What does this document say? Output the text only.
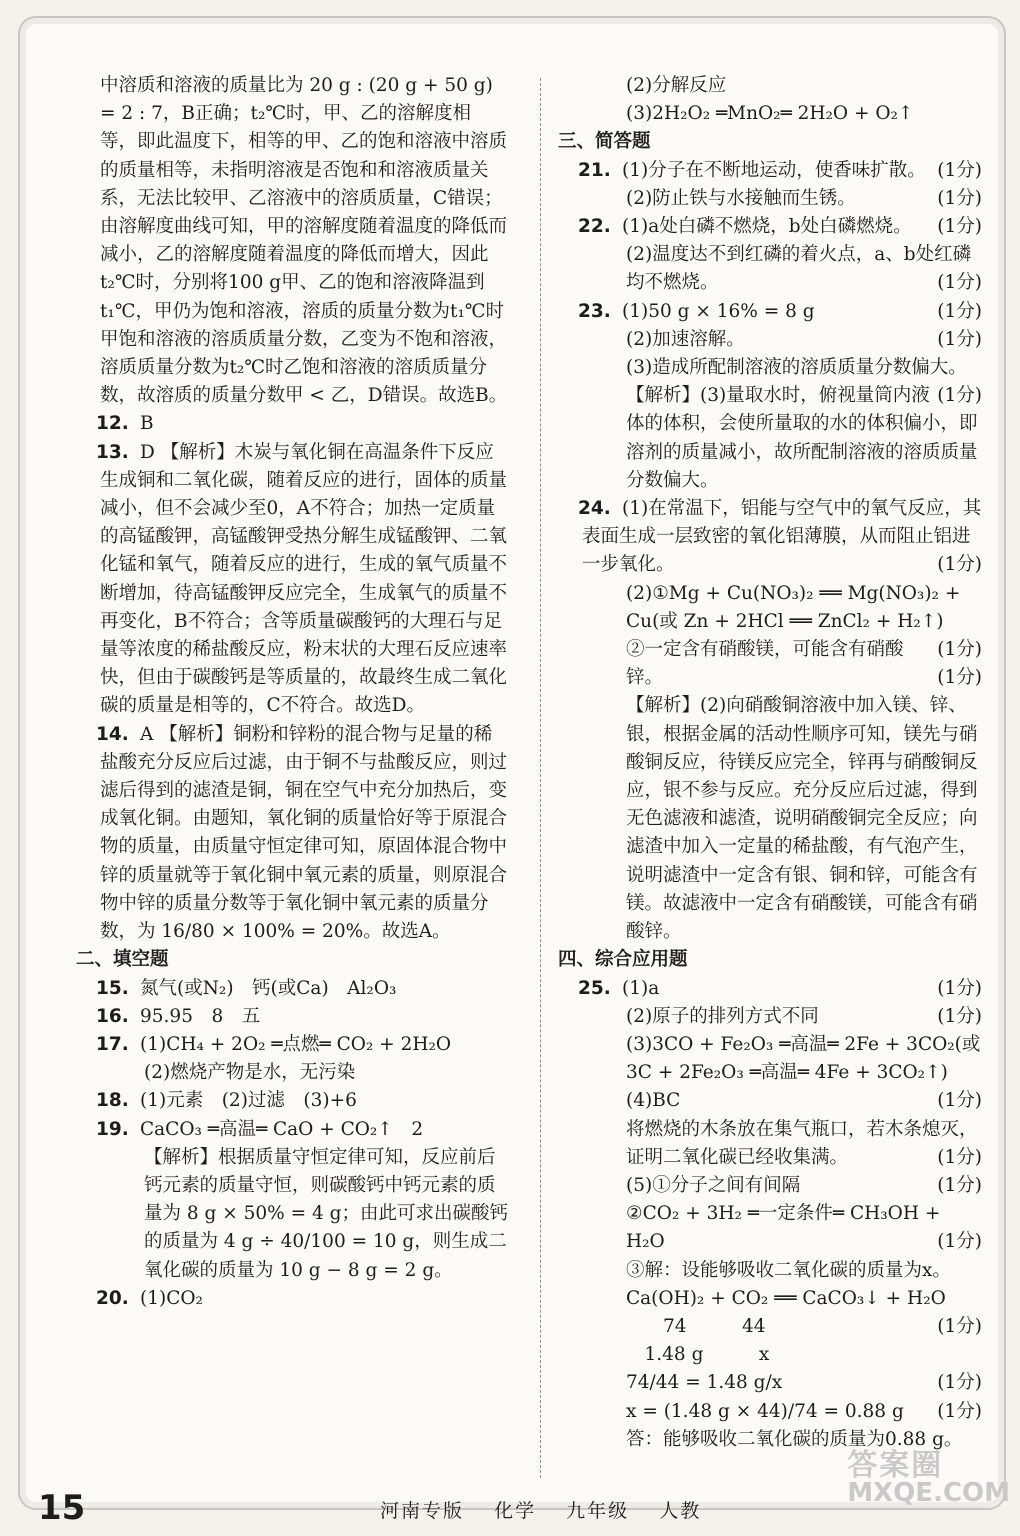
中溶质和溶液的质量比为 20 g : (20 g + 50 g) = 2 : 7，B正确；t₂℃时，甲、乙的溶解度相等，即此温度下，相等的甲、乙的饱和溶液中溶质的质量相等，未指明溶液是否饱和和溶液质量关系，无法比较甲、乙溶液中的溶质质量，C错误；由溶解度曲线可知，甲的溶解度随着温度的降低而减小，乙的溶解度随着温度的降低而增大，因此t₂℃时，分别将100 g甲、乙的饱和溶液降温到t₁℃，甲仍为饱和溶液，溶质的质量分数为t₁℃时甲饱和溶液的溶质质量分数，乙变为不饱和溶液，溶质质量分数为t₂℃时乙饱和溶液的溶质质量分数，故溶质的质量分数甲 < 乙，D错误。故选B。
12. B
13. D 【解析】木炭与氧化铜在高温条件下反应生成铜和二氧化碳，随着反应的进行，固体的质量减小，但不会减少至0，A不符合；加热一定质量的高锰酸钾，高锰酸钾受热分解生成锰酸钾、二氧化锰和氧气，随着反应的进行，生成的氧气质量不断增加，待高锰酸钾反应完全，生成氧气的质量不再变化，B不符合；含等质量碳酸钙的大理石与足量等浓度的稀盐酸反应，粉末状的大理石反应速率快，但由于碳酸钙是等质量的，故最终生成二氧化碳的质量是相等的，C不符合。故选D。
14. A 【解析】铜粉和锌粉的混合物与足量的稀盐酸充分反应后过滤，由于铜不与盐酸反应，则过滤后得到的滤渣是铜，铜在空气中充分加热后，变成氧化铜。由题知，氧化铜的质量恰好等于原混合物的质量，由质量守恒定律可知，原固体混合物中锌的质量就等于氧化铜中氧元素的质量，则原混合物中锌的质量分数等于氧化铜中氧元素的质量分数，为 16/80 × 100% = 20%。故选A。
二、填空题
15. 氮气(或N₂)　钙(或Ca)　Al₂O₃
16. 95.95　8　五
17. (1)CH₄ + 2O₂ ═点燃═ CO₂ + 2H₂O
(2)燃烧产物是水，无污染
18. (1)元素　(2)过滤　(3)+6
19. CaCO₃ ═高温═ CaO + CO₂↑　2
【解析】根据质量守恒定律可知，反应前后钙元素的质量守恒，则碳酸钙中钙元素的质量为 8 g × 50% = 4 g；由此可求出碳酸钙的质量为 4 g ÷ 40/100 = 10 g，则生成二氧化碳的质量为 10 g − 8 g = 2 g。
20. (1)CO₂
(2)分解反应
(3)2H₂O₂ ═MnO₂═ 2H₂O + O₂↑
三、简答题
21. (1)分子在不断地运动，使香味扩散。 (1分)
(2)防止铁与水接触而生锈。	(1分)
22. (1)a处白磷不燃烧，b处白磷燃烧。 (1分)
(2)温度达不到红磷的着火点，a、b处红磷均不燃烧。	(1分)
23. (1)50 g × 16% = 8 g	(1分)
(2)加速溶解。	(1分)
(3)造成所配制溶液的溶质质量分数偏大。
(1分)
【解析】(3)量取水时，俯视量筒内液体的体积，会使所量取的水的体积偏小，即溶剂的质量减小，故所配制溶液的溶质质量分数偏大。
24. (1)在常温下，铝能与空气中的氧气反应，其表面生成一层致密的氧化铝薄膜，从而阻止铝进一步氧化。	(1分)
(2)①Mg + Cu(NO₃)₂ ══ Mg(NO₃)₂ + Cu(或 Zn + 2HCl ══ ZnCl₂ + H₂↑)
(1分)
②一定含有硝酸镁，可能含有硝酸锌。	(1分)
【解析】(2)向硝酸铜溶液中加入镁、锌、银，根据金属的活动性顺序可知，镁先与硝酸铜反应，待镁反应完全，锌再与硝酸铜反应，银不参与反应。充分反应后过滤，得到无色滤液和滤渣，说明硝酸铜完全反应；向滤渣中加入一定量的稀盐酸，有气泡产生，说明滤渣中一定含有银、铜和锌，可能含有镁。故滤液中一定含有硝酸镁，可能含有硝酸锌。
四、综合应用题
25. (1)a	(1分)
(2)原子的排列方式不同	(1分)
(3)3CO + Fe₂O₃ ═高温═ 2Fe + 3CO₂(或 3C + 2Fe₂O₃ ═高温═ 4Fe + 3CO₂↑)
(1分)
(4)BC
将燃烧的木条放在集气瓶口，若木条熄灭，证明二氧化碳已经收集满。	(1分)
(5)①分子之间有间隔	(1分)
②CO₂ + 3H₂ ═一定条件═ CH₃OH + H₂O	(1分)
③解：设能够吸收二氧化碳的质量为x。
Ca(OH)₂ + CO₂ ══ CaCO₃↓ + H₂O
(1分)
　　74　　　44
　1.48 g　　　x
74/44 = 1.48 g/x	(1分)
x = (1.48 g × 44)/74 = 0.88 g (1分)
答：能够吸收二氧化碳的质量为0.88 g。
15	河南专版 化学 九年级 人教
答案圈
MXQE.COM
